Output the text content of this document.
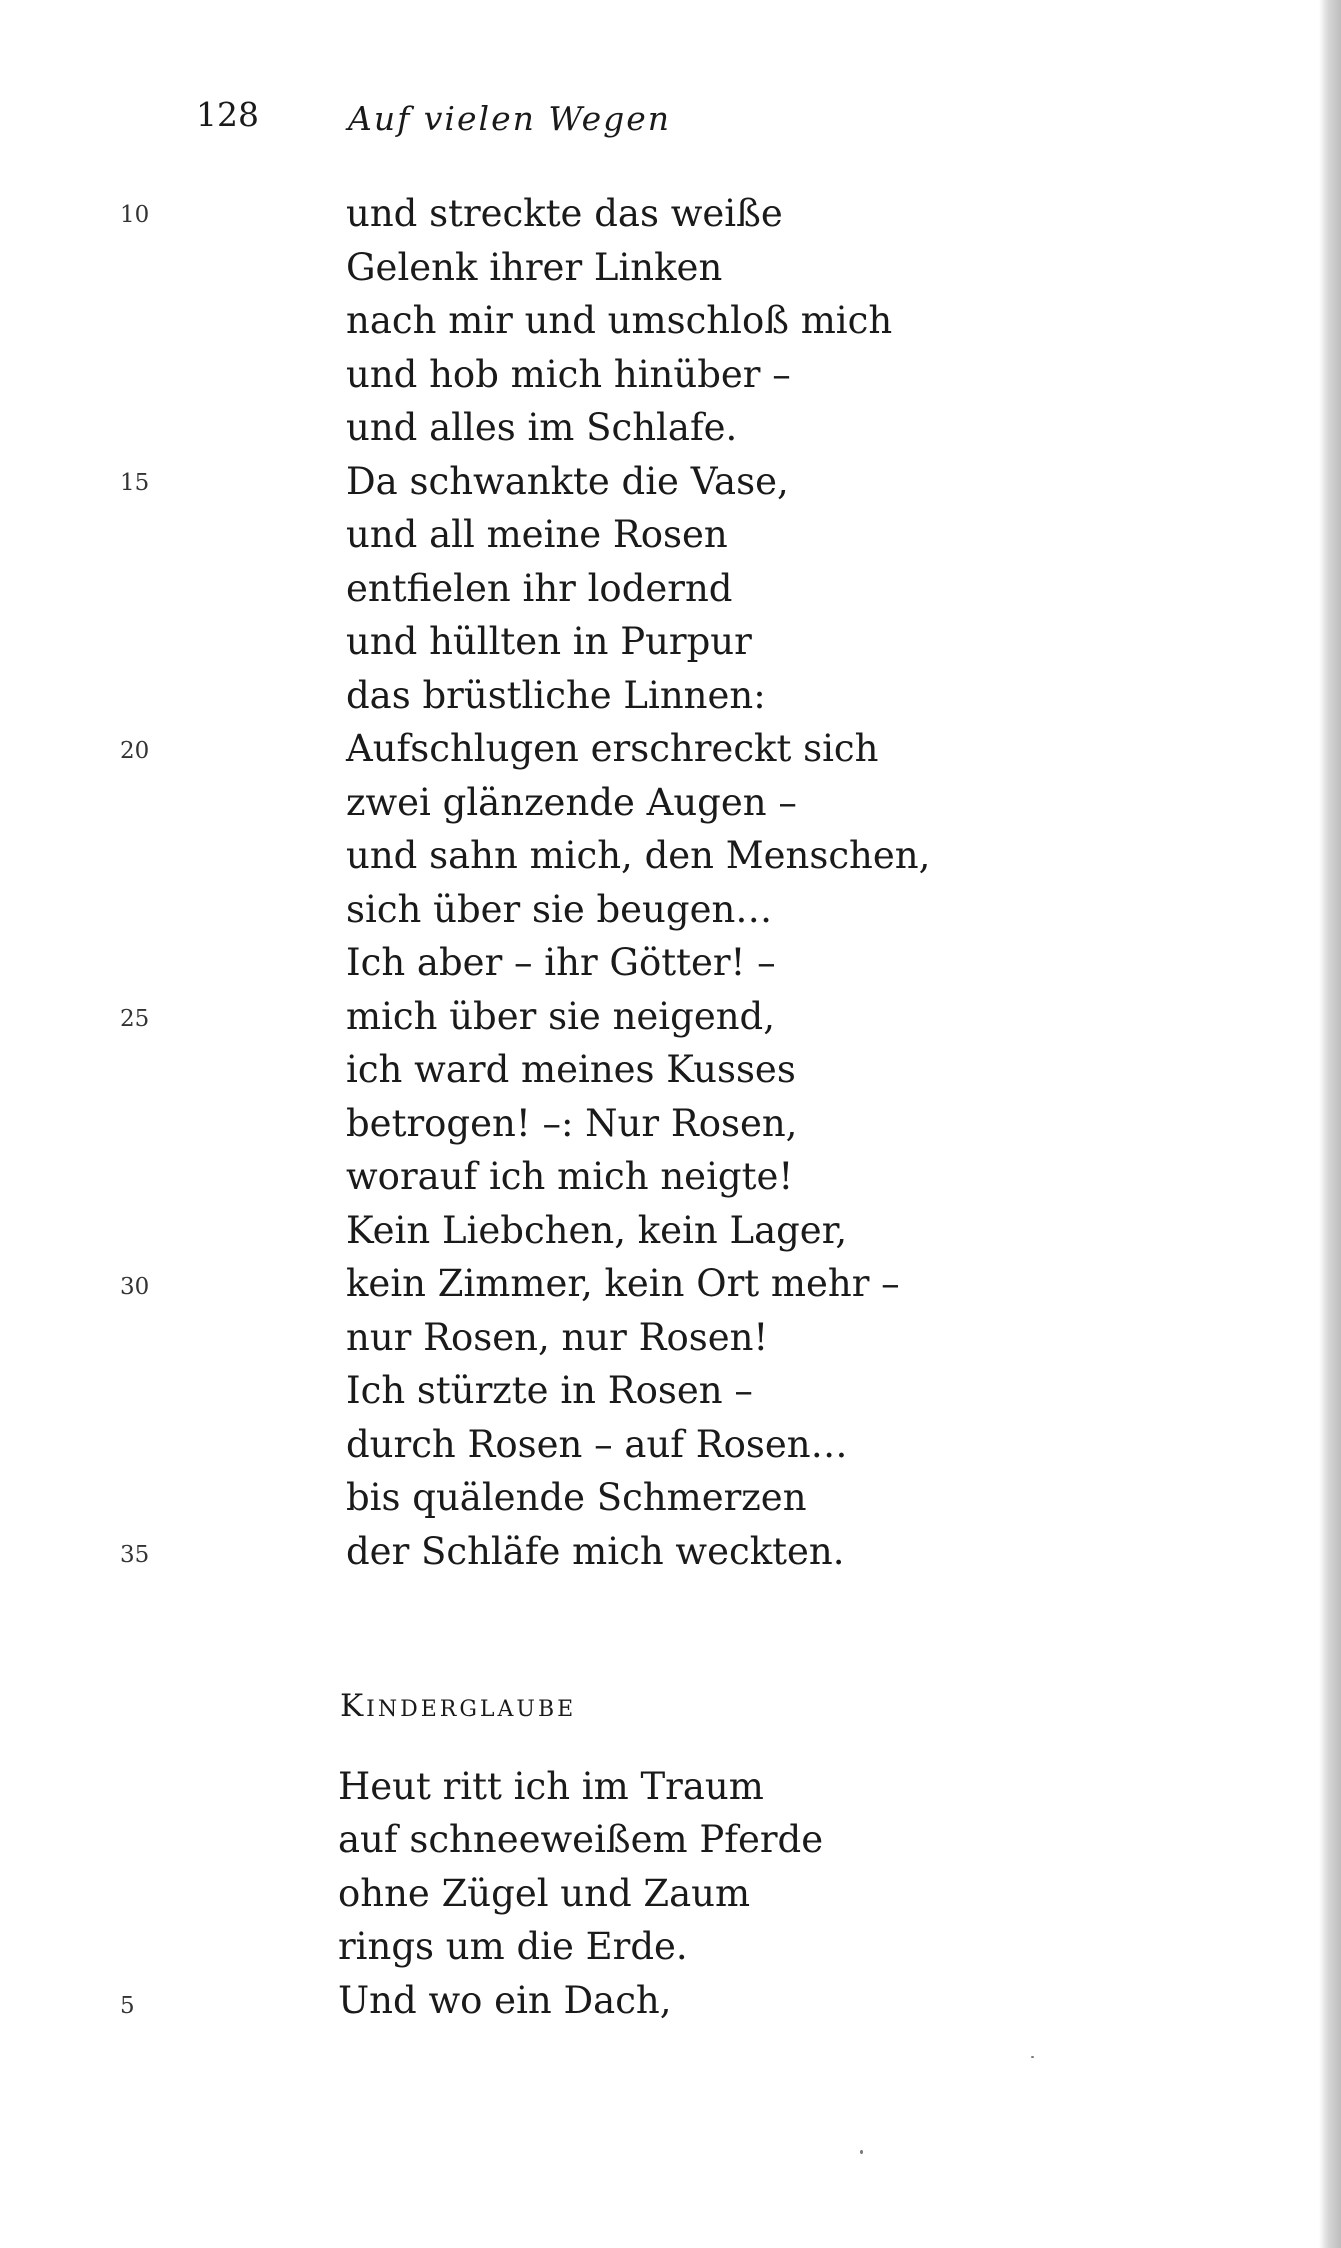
128	Auf vielen Wegen
10
15
20
25
30
35
und streckte das weiße
Gelenk ihrer Linken
nach mir und umschloß mich
und hob mich hinüber –
und alles im Schlafe.
Da schwankte die Vase,
und all meine Rosen
entfielen ihr lodernd
und hüllten in Purpur
das brüstliche Linnen:
Aufschlugen erschreckt sich
zwei glänzende Augen –
und sahn mich, den Menschen,
sich über sie beugen…
Ich aber – ihr Götter! –
mich über sie neigend,
ich ward meines Kusses
betrogen! –: Nur Rosen,
worauf ich mich neigte!
Kein Liebchen, kein Lager,
kein Zimmer, kein Ort mehr –
nur Rosen, nur Rosen!
Ich stürzte in Rosen –
durch Rosen – auf Rosen…
bis quälende Schmerzen
der Schläfe mich weckten.
Kinderglaube
5
Heut ritt ich im Traum
auf schneeweißem Pferde
ohne Zügel und Zaum
rings um die Erde.
Und wo ein Dach,
